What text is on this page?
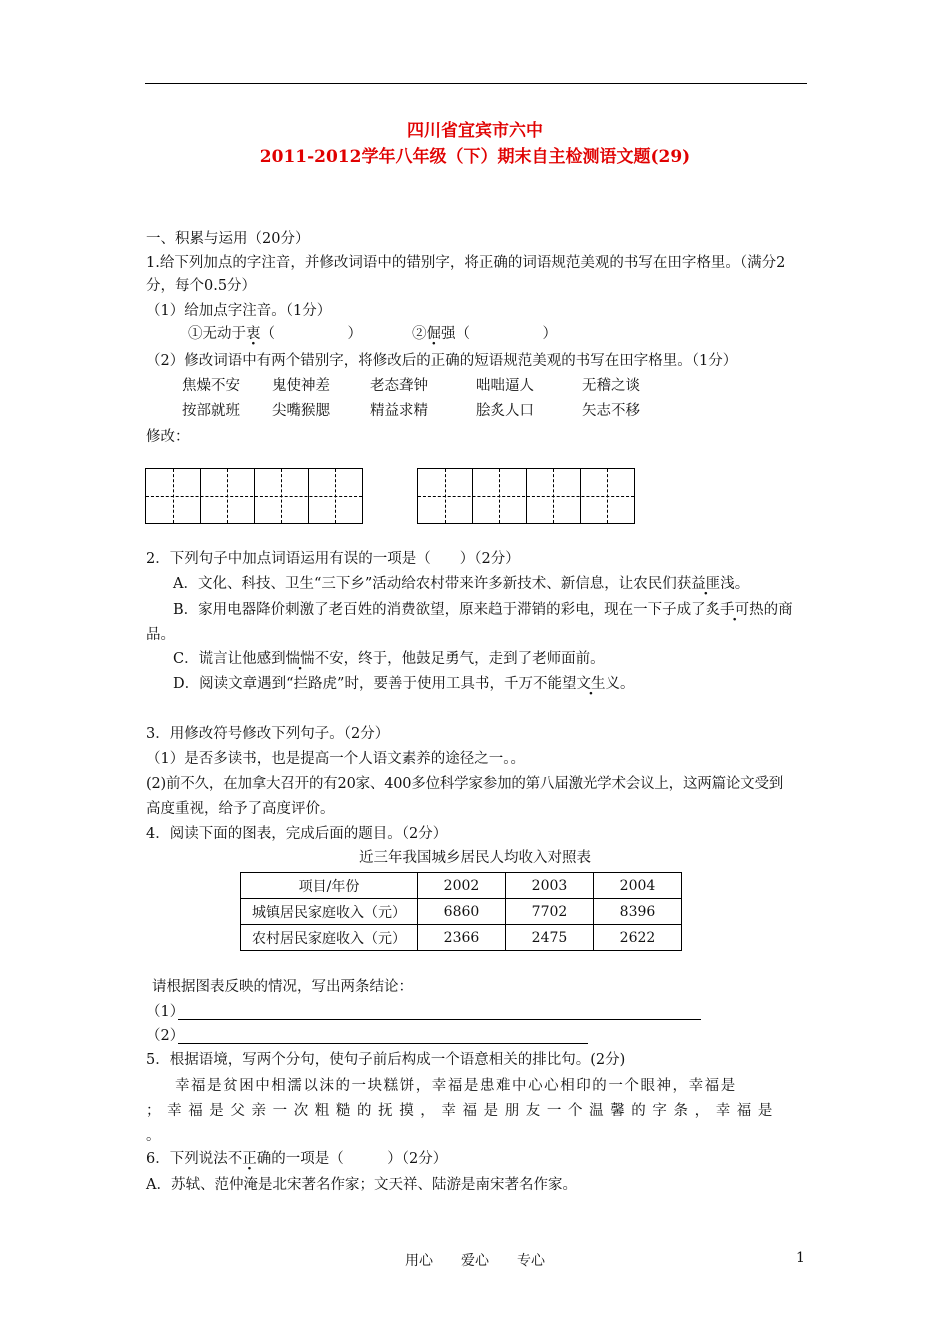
四川省宜宾市六中
2011-2012学年八年级（下）期末自主检测语文题(29)
一、积累与运用（20分）
1.给下列加点的字注音，并修改词语中的错别字，将正确的词语规范美观的书写在田字格里。（满分2
分，每个0.5分）
（1）给加点字注音。（1分）
①无动于衷（　　　　　）	②倔强（　　　　　）
（2）修改词语中有两个错别字，将修改后的正确的短语规范美观的书写在田字格里。（1分）
焦燥不安 鬼使神差	老态聋钟	咄咄逼人	无稽之谈
按部就班 尖嘴猴腮	精益求精	脍炙人口	矢志不移
修改：
2．下列句子中加点词语运用有误的一项是（　　）（2分）
A．文化、科技、卫生“三下乡”活动给农村带来许多新技术、新信息，让农民们获益匪浅。
B．家用电器降价刺激了老百姓的消费欲望，原来趋于滞销的彩电，现在一下子成了炙手可热的商
品。
C．谎言让他感到惴惴不安，终于，他鼓足勇气，走到了老师面前。
D．阅读文章遇到“拦路虎”时，要善于使用工具书，千万不能望文生义。
3．用修改符号修改下列句子。（2分）
（1）是否多读书，也是提高一个人语文素养的途径之一。。
(2)前不久，在加拿大召开的有20家、400多位科学家参加的第八届激光学术会议上，这两篇论文受到
高度重视，给予了高度评价。
4．阅读下面的图表，完成后面的题目。（2分）
近三年我国城乡居民人均收入对照表
项目/年份	2002	2003	2004
城镇居民家庭收入（元）	6860	7702	8396
农村居民家庭收入（元）	2366	2475	2622
请根据图表反映的情况，写出两条结论：
（1）
（2）
5．根据语境，写两个分句，使句子前后构成一个语意相关的排比句。(2分)
幸福是贫困中相濡以沫的一块糕饼，幸福是患难中心心相印的一个眼神，幸福是
；幸福是父亲一次粗糙的抚摸，幸福是朋友一个温馨的字条，幸福是
。
6．下列说法不正确的一项是（　　　）（2分）
A．苏轼、范仲淹是北宋著名作家；文天祥、陆游是南宋著名作家。
用心　　爱心　　专心	1
